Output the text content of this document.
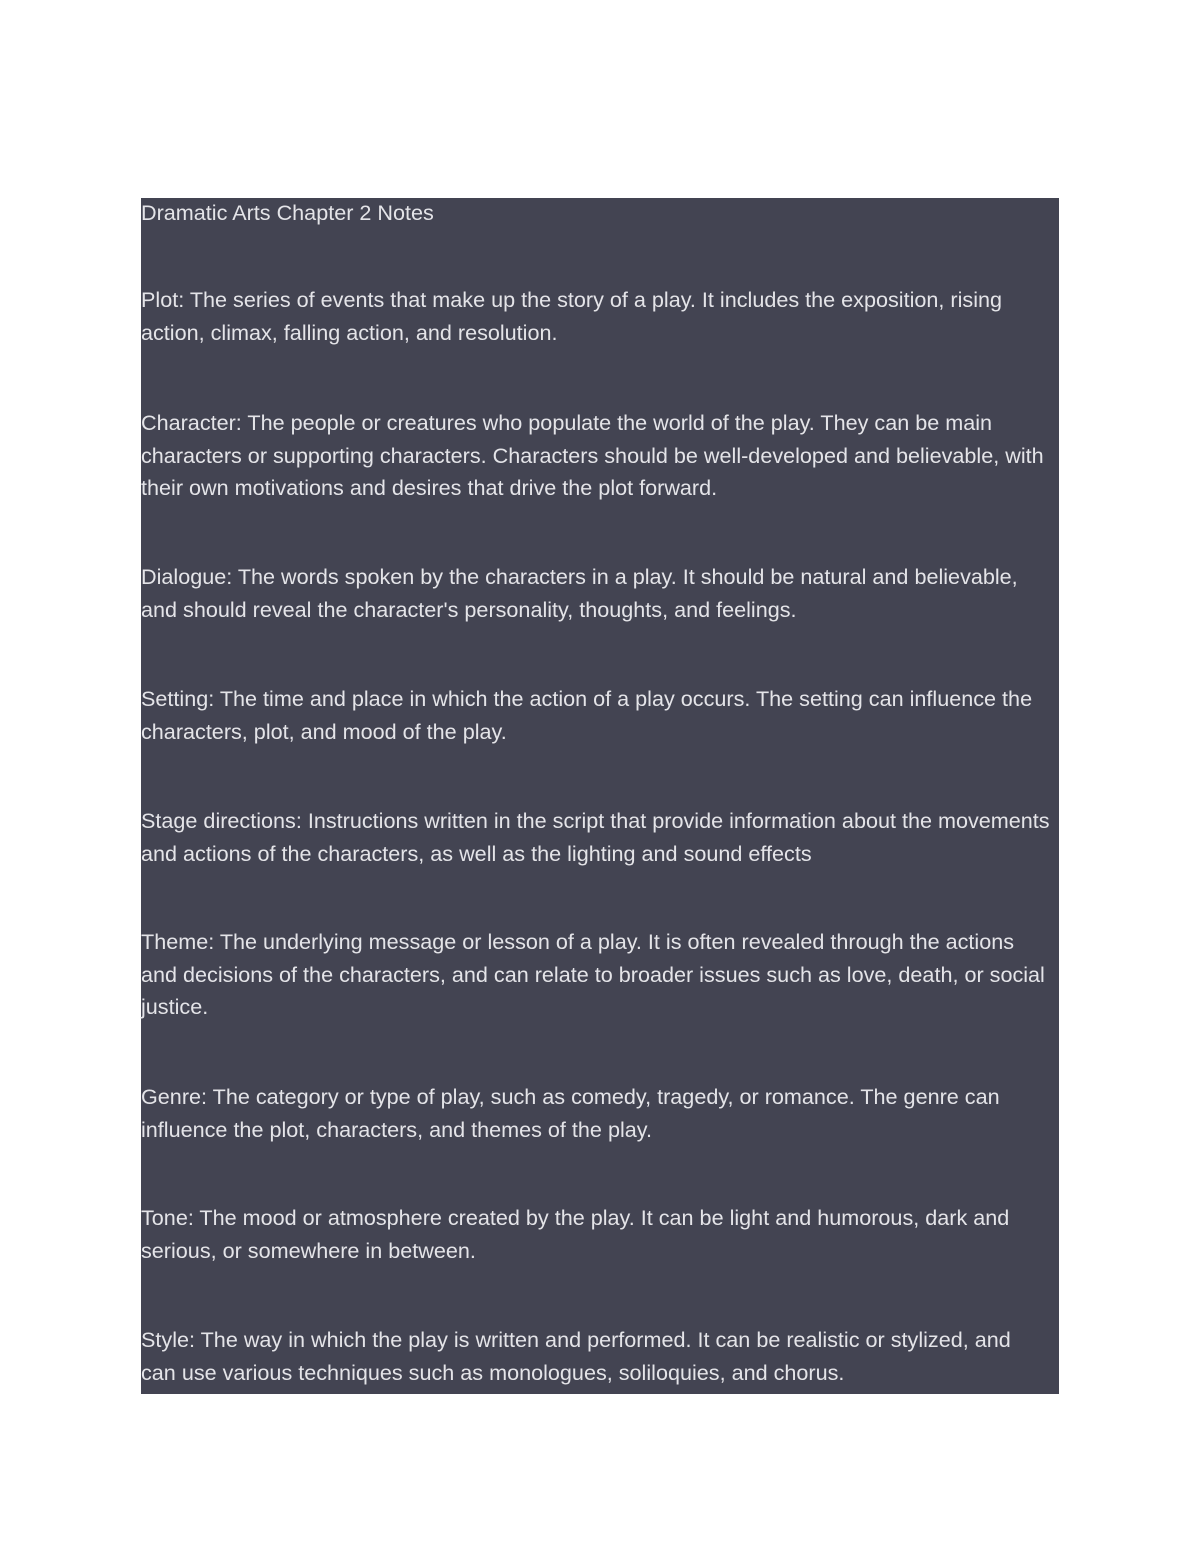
Dramatic Arts Chapter 2 Notes

Plot: The series of events that make up the story of a play. It includes the exposition, rising action, climax, falling action, and resolution.

Character: The people or creatures who populate the world of the play. They can be main characters or supporting characters. Characters should be well-developed and believable, with their own motivations and desires that drive the plot forward.

Dialogue: The words spoken by the characters in a play. It should be natural and believable, and should reveal the character's personality, thoughts, and feelings.

Setting: The time and place in which the action of a play occurs. The setting can influence the characters, plot, and mood of the play.

Stage directions: Instructions written in the script that provide information about the movements and actions of the characters, as well as the lighting and sound effects

Theme: The underlying message or lesson of a play. It is often revealed through the actions and decisions of the characters, and can relate to broader issues such as love, death, or social justice.

Genre: The category or type of play, such as comedy, tragedy, or romance. The genre can influence the plot, characters, and themes of the play.

Tone: The mood or atmosphere created by the play. It can be light and humorous, dark and serious, or somewhere in between.

Style: The way in which the play is written and performed. It can be realistic or stylized, and can use various techniques such as monologues, soliloquies, and chorus.
